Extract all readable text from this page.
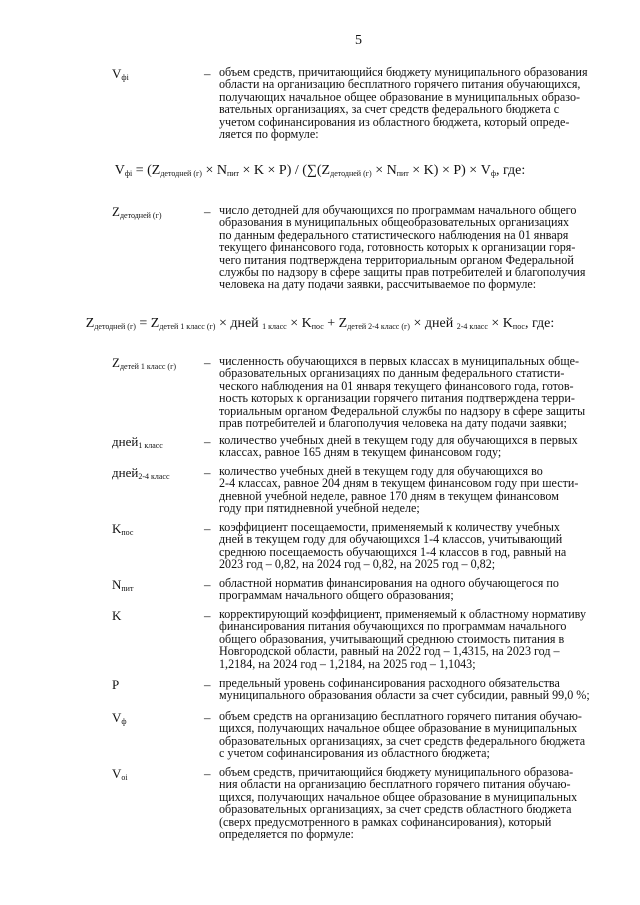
5
$V_{фi}$	– объем средств, причитающийся бюджету муниципального образования
области на организацию бесплатного горячего питания обучающихся,
получающих начальное общее образование в муниципальных образо-
вательных организациях, за счет средств федерального бюджета с
учетом софинансирования из областного бюджета, который опреде-
ляется по формуле:
$V_{фi} = (Z_{детодней (г)} \times N_{пит} \times K \times P) / (\sum(Z_{детодней (г)} \times N_{пит} \times K) \times P) \times V_ф$, где:
$Z_{детодней (г)}$	– число детодней для обучающихся по программам начального общего
образования в муниципальных общеобразовательных организациях
по данным федерального статистического наблюдения на 01 января
текущего финансового года, готовность которых к организации горя-
чего питания подтверждена территориальным органом Федеральной
службы по надзору в сфере защиты прав потребителей и благополучия
человека на дату подачи заявки, рассчитываемое по формуле:
$Z_{детодней (г)} = Z_{детей 1 класс (г)}$ × дней $_{1 класс} \times K_{пос} + Z_{детей 2-4 класс (г)}$ × дней $_{2-4 класс} \times K_{пос}$, где:
$Z_{детей 1 класс (г)}$ – численность обучающихся в первых классах в муниципальных обще-
образовательных организациях по данным федерального статисти-
ческого наблюдения на 01 января текущего финансового года, готов-
ность которых к организации горячего питания подтверждена терри-
ториальным органом Федеральной службы по надзору в сфере защиты
прав потребителей и благополучия человека на дату подачи заявки;
дней$_{1 класс}$	– количество учебных дней в текущем году для обучающихся в первых
классах, равное 165 дням в текущем финансовом году;
дней$_{2-4 класс}$	– количество учебных дней в текущем году для обучающихся во
2-4 классах, равное 204 дням в текущем финансовом году при шести-
дневной учебной неделе, равное 170 дням в текущем финансовом
году при пятидневной учебной неделе;
$K_{пос}$	– коэффициент посещаемости, применяемый к количеству учебных
дней в текущем году для обучающихся 1-4 классов, учитывающий
среднюю посещаемость обучающихся 1-4 классов в год, равный на
2023 год – 0,82, на 2024 год – 0,82, на 2025 год – 0,82;
$N_{пит}$	– областной норматив финансирования на одного обучающегося по
программам начального общего образования;
K	– корректирующий коэффициент, применяемый к областному нормативу
финансирования питания обучающихся по программам начального
общего образования, учитывающий среднюю стоимость питания в
Новгородской области, равный на 2022 год – 1,4315, на 2023 год –
1,2184, на 2024 год – 1,2184, на 2025 год – 1,1043;
P	– предельный уровень софинансирования расходного обязательства
муниципального образования области за счет субсидии, равный 99,0 %;
$V_ф$	– объем средств на организацию бесплатного горячего питания обучаю-
щихся, получающих начальное общее образование в муниципальных
образовательных организациях, за счет средств федерального бюджета
с учетом софинансирования из областного бюджета;
$V_{oi}$	– объем средств, причитающийся бюджету муниципального образова-
ния области на организацию бесплатного горячего питания обучаю-
щихся, получающих начальное общее образование в муниципальных
образовательных организациях, за счет средств областного бюджета
(сверх предусмотренного в рамках софинансирования), который
определяется по формуле:
